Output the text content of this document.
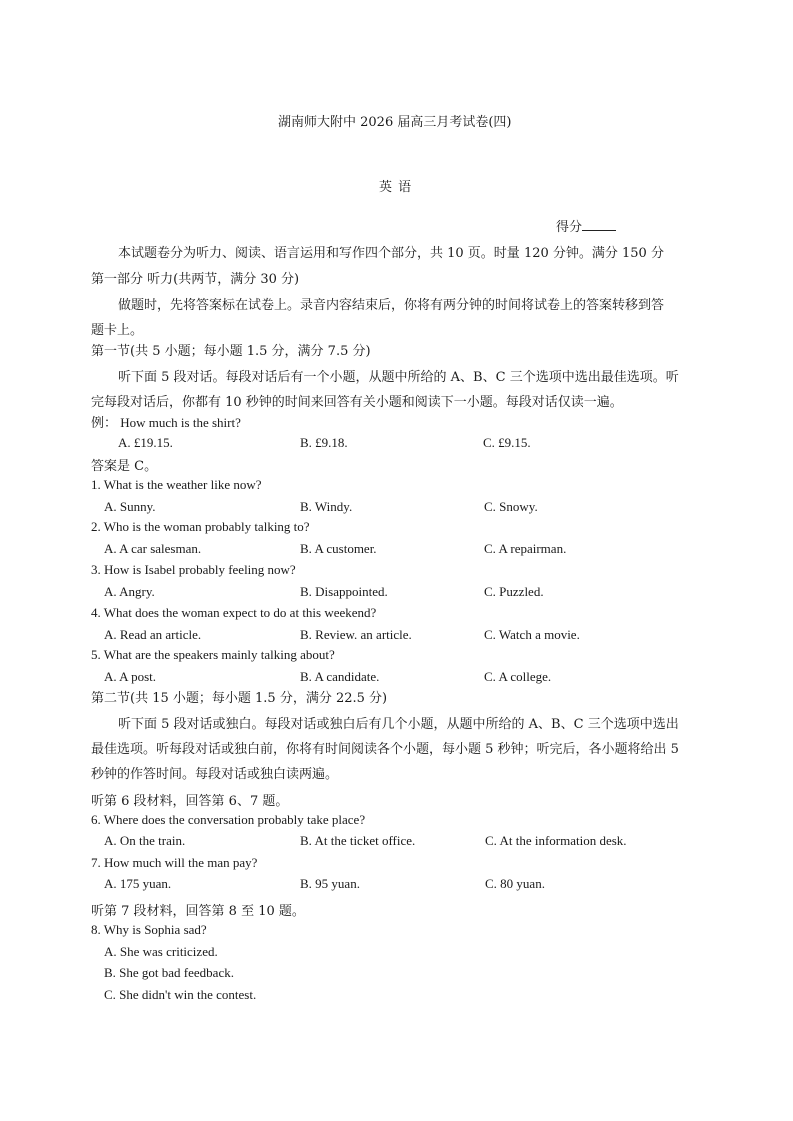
湖南师大附中 2026 届高三月考试卷(四)
英 语
得分
本试题卷分为听力、阅读、语言运用和写作四个部分，共 10 页。时量 120 分钟。满分 150 分
第一部分 听力(共两节，满分 30 分)
做题时，先将答案标在试卷上。录音内容结束后，你将有两分钟的时间将试卷上的答案转移到答
题卡上。
第一节(共 5 小题；每小题 1.5 分，满分 7.5 分)
听下面 5 段对话。每段对话后有一个小题，从题中所给的 A、B、C 三个选项中选出最佳选项。听
完每段对话后，你都有 10 秒钟的时间来回答有关小题和阅读下一小题。每段对话仅读一遍。
例： How much is the shirt?
A. £19.15.	B. £9.18.	C. £9.15.
答案是 C。
1. What is the weather like now?
A. Sunny.	B. Windy.	C. Snowy.
2. Who is the woman probably talking to?
A. A car salesman.	B. A customer.	C. A repairman.
3. How is Isabel probably feeling now?
A. Angry.	B. Disappointed.	C. Puzzled.
4. What does the woman expect to do at this weekend?
A. Read an article.	B. Review. an article.	C. Watch a movie.
5. What are the speakers mainly talking about?
A. A post.	B. A candidate.	C. A college.
第二节(共 15 小题；每小题 1.5 分，满分 22.5 分)
听下面 5 段对话或独白。每段对话或独白后有几个小题，从题中所给的 A、B、C 三个选项中选出
最佳选项。听每段对话或独白前，你将有时间阅读各个小题，每小题 5 秒钟；听完后，各小题将给出 5
秒钟的作答时间。每段对话或独白读两遍。
听第 6 段材料，回答第 6、7 题。
6. Where does the conversation probably take place?
A. On the train.	B. At the ticket office.	C. At the information desk.
7. How much will the man pay?
A. 175 yuan.	B. 95 yuan.	C. 80 yuan.
听第 7 段材料，回答第 8 至 10 题。
8. Why is Sophia sad?
A. She was criticized.
B. She got bad feedback.
C. She didn't win the contest.
